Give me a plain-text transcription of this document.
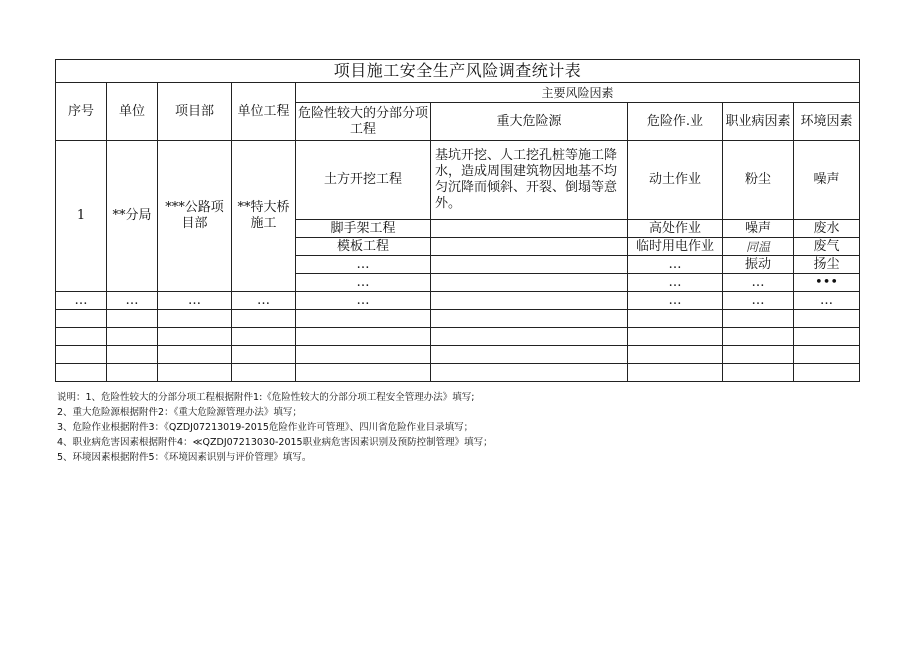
项目施工安全生产风险调查统计表								
序号	单位	项目部	单位工程	主要风险因素				
				危险性较大的分部分项工程	重大危险源	危险作.业	职业病因素	环境因素
1	**分局	***公路项目部	**特大桥施工	土方开挖工程	基坑开挖、人工挖孔桩等施工降水，造成周围建筑物因地基不均匀沉降而倾斜、开裂、倒塌等意外。	动土作业	粉尘	噪声
				脚手架工程		高处作业	噪声	废水
				模板工程		临时用电作业	同温	废气
				…		…	振动	扬尘
				…		…	…	•••
…	…	…	…	…		…	…	…

说明：1、危险性较大的分部分项工程根据附件1:《危险性较大的分部分项工程安全管理办法》填写;
2、重大危险源根据附件2：《重大危险源管理办法》填写；
3、危险作业根据附件3：《QZDJ07213019-2015危险作业许可管理》、四川省危险作业目录填写；
4、职业病危害因素根据附件4：≪QZDJ07213030-2015职业病危害因素识别及预防控制管理》填写；
5、环境因素根据附件5：《环境因素识别与评价管理》填写。
